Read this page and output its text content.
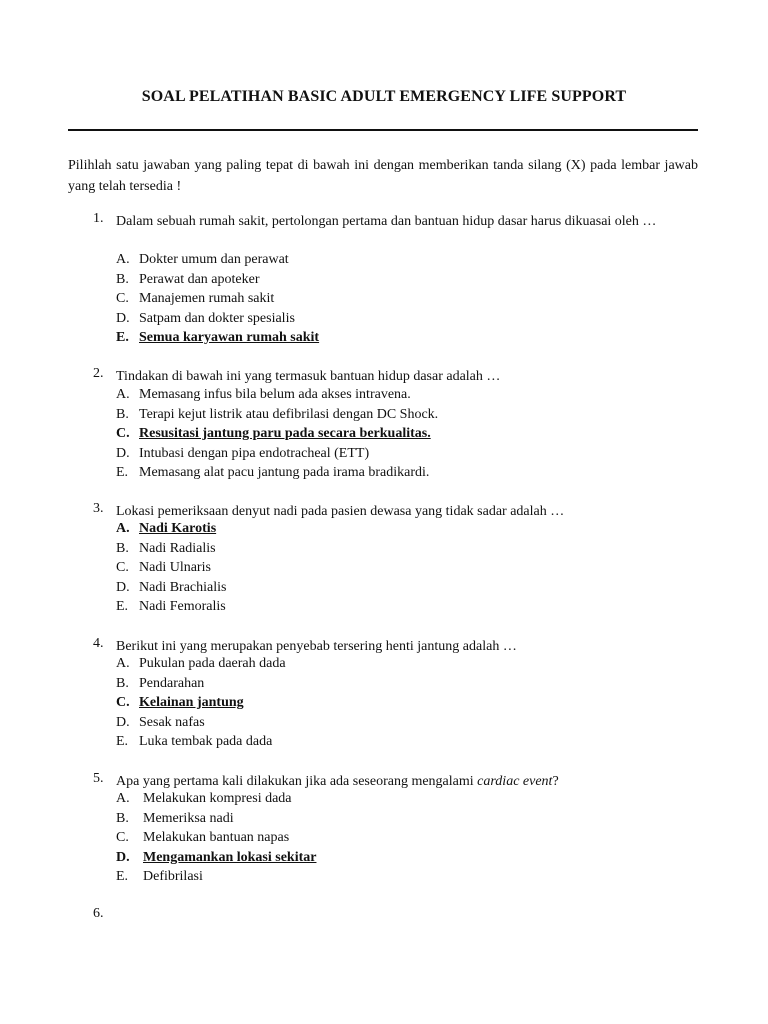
SOAL PELATIHAN BASIC ADULT EMERGENCY LIFE SUPPORT
Pilihlah satu jawaban yang paling tepat di bawah ini dengan memberikan tanda silang (X) pada lembar jawab yang telah tersedia !
1. Dalam sebuah rumah sakit, pertolongan pertama dan bantuan hidup dasar harus dikuasai oleh …
A. Dokter umum dan perawat
B. Perawat dan apoteker
C. Manajemen rumah sakit
D. Satpam dan dokter spesialis
E. Semua karyawan rumah sakit
2. Tindakan di bawah ini yang termasuk bantuan hidup dasar adalah …
A. Memasang infus bila belum ada akses intravena.
B. Terapi kejut listrik atau defibrilasi dengan DC Shock.
C. Resusitasi jantung paru pada secara berkualitas.
D. Intubasi dengan pipa endotracheal (ETT)
E. Memasang alat pacu jantung pada irama bradikardi.
3. Lokasi pemeriksaan denyut nadi pada pasien dewasa yang tidak sadar adalah …
A. Nadi Karotis
B. Nadi Radialis
C. Nadi Ulnaris
D. Nadi Brachialis
E. Nadi Femoralis
4. Berikut ini yang merupakan penyebab tersering henti jantung adalah …
A. Pukulan pada daerah dada
B. Pendarahan
C. Kelainan jantung
D. Sesak nafas
E. Luka tembak pada dada
5. Apa yang pertama kali dilakukan jika ada seseorang mengalami cardiac event?
A. Melakukan kompresi dada
B. Memeriksa nadi
C. Melakukan bantuan napas
D. Mengamankan lokasi sekitar
E. Defibrilasi
6.
